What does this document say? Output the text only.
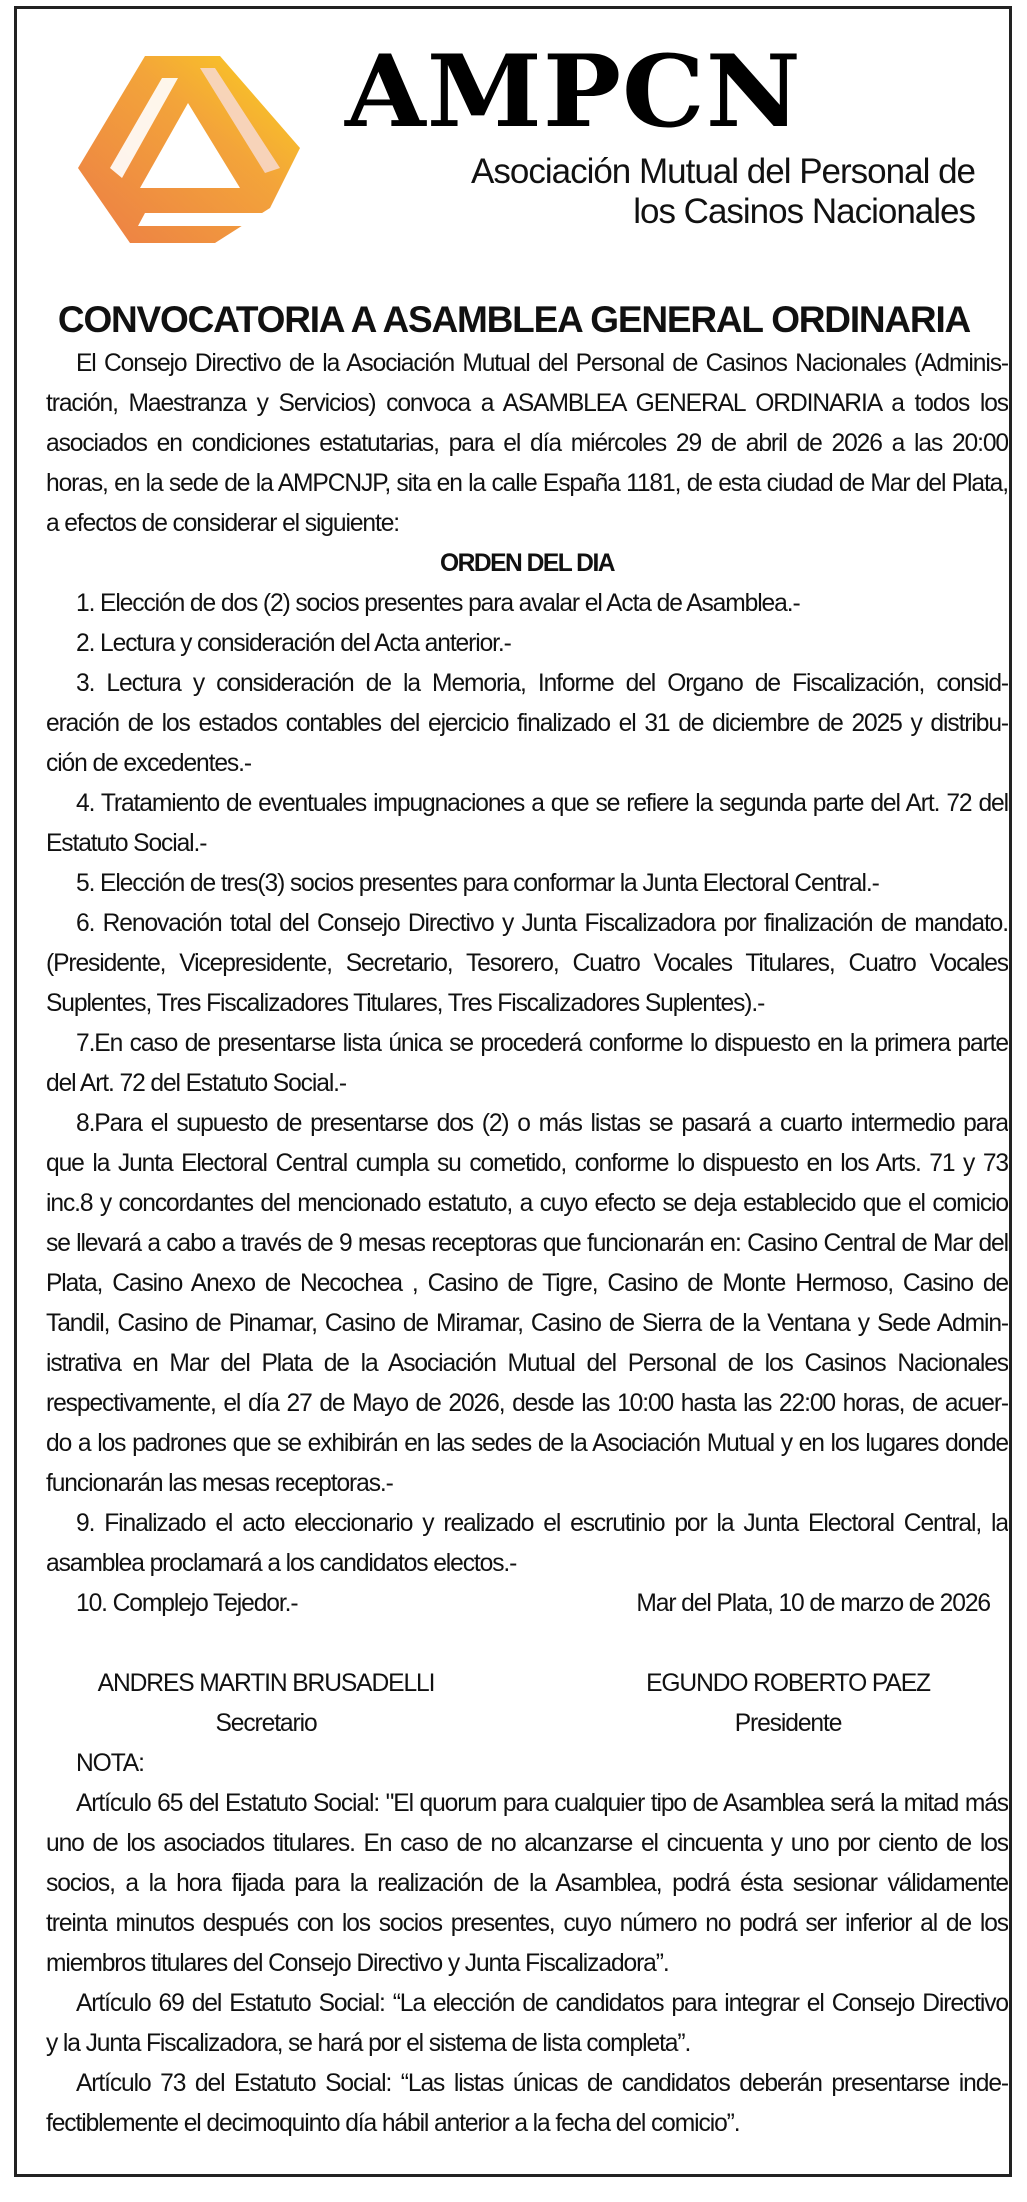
AMPCN
Asociación Mutual del Personal de
los Casinos Nacionales
CONVOCATORIA A ASAMBLEA GENERAL ORDINARIA
El Consejo Directivo de la Asociación Mutual del Personal de Casinos Nacionales (Adminis-
tración, Maestranza y Servicios) convoca a ASAMBLEA GENERAL ORDINARIA a todos los
asociados en condiciones estatutarias, para el día miércoles 29 de abril de 2026 a las 20:00
horas, en la sede de la AMPCNJP, sita en la calle España 1181, de esta ciudad de Mar del Plata,
a efectos de considerar el siguiente:
ORDEN DEL DIA
1. Elección de dos (2) socios presentes para avalar el Acta de Asamblea.-
2. Lectura y consideración del Acta anterior.-
3. Lectura y consideración de la Memoria, Informe del Organo de Fiscalización, consid-
eración de los estados contables del ejercicio finalizado el 31 de diciembre de 2025 y distribu-
ción de excedentes.-
4. Tratamiento de eventuales impugnaciones a que se refiere la segunda parte del Art. 72 del
Estatuto Social.-
5. Elección de tres(3) socios presentes para conformar la Junta Electoral Central.-
6. Renovación total del Consejo Directivo y Junta Fiscalizadora por finalización de mandato.
(Presidente, Vicepresidente, Secretario, Tesorero, Cuatro Vocales Titulares, Cuatro Vocales
Suplentes, Tres Fiscalizadores Titulares, Tres Fiscalizadores Suplentes).-
7.En caso de presentarse lista única se procederá conforme lo dispuesto en la primera parte
del Art. 72 del Estatuto Social.-
8.Para el supuesto de presentarse dos (2) o más listas se pasará a cuarto intermedio para
que la Junta Electoral Central cumpla su cometido, conforme lo dispuesto en los Arts. 71 y 73
inc.8 y concordantes del mencionado estatuto, a cuyo efecto se deja establecido que el comicio
se llevará a cabo a través de 9 mesas receptoras que funcionarán en: Casino Central de Mar del
Plata, Casino Anexo de Necochea , Casino de Tigre, Casino de Monte Hermoso, Casino de
Tandil, Casino de Pinamar, Casino de Miramar, Casino de Sierra de la Ventana y Sede Admin-
istrativa en Mar del Plata de la Asociación Mutual del Personal de los Casinos Nacionales
respectivamente, el día 27 de Mayo de 2026, desde las 10:00 hasta las 22:00 horas, de acuer-
do a los padrones que se exhibirán en las sedes de la Asociación Mutual y en los lugares donde
funcionarán las mesas receptoras.-
9. Finalizado el acto eleccionario y realizado el escrutinio por la Junta Electoral Central, la
asamblea proclamará a los candidatos electos.-
10. Complejo Tejedor.-	Mar del Plata, 10 de marzo de 2026
ANDRES MARTIN BRUSADELLI
Secretario
EGUNDO ROBERTO PAEZ
Presidente
NOTA:
Artículo 65 del Estatuto Social: "El quorum para cualquier tipo de Asamblea será la mitad más
uno de los asociados titulares. En caso de no alcanzarse el cincuenta y uno por ciento de los
socios, a la hora fijada para la realización de la Asamblea, podrá ésta sesionar válidamente
treinta minutos después con los socios presentes, cuyo número no podrá ser inferior al de los
miembros titulares del Consejo Directivo y Junta Fiscalizadora”.
Artículo 69 del Estatuto Social: “La elección de candidatos para integrar el Consejo Directivo
y la Junta Fiscalizadora, se hará por el sistema de lista completa”.
Artículo 73 del Estatuto Social: “Las listas únicas de candidatos deberán presentarse inde-
fectiblemente el decimoquinto día hábil anterior a la fecha del comicio”.
